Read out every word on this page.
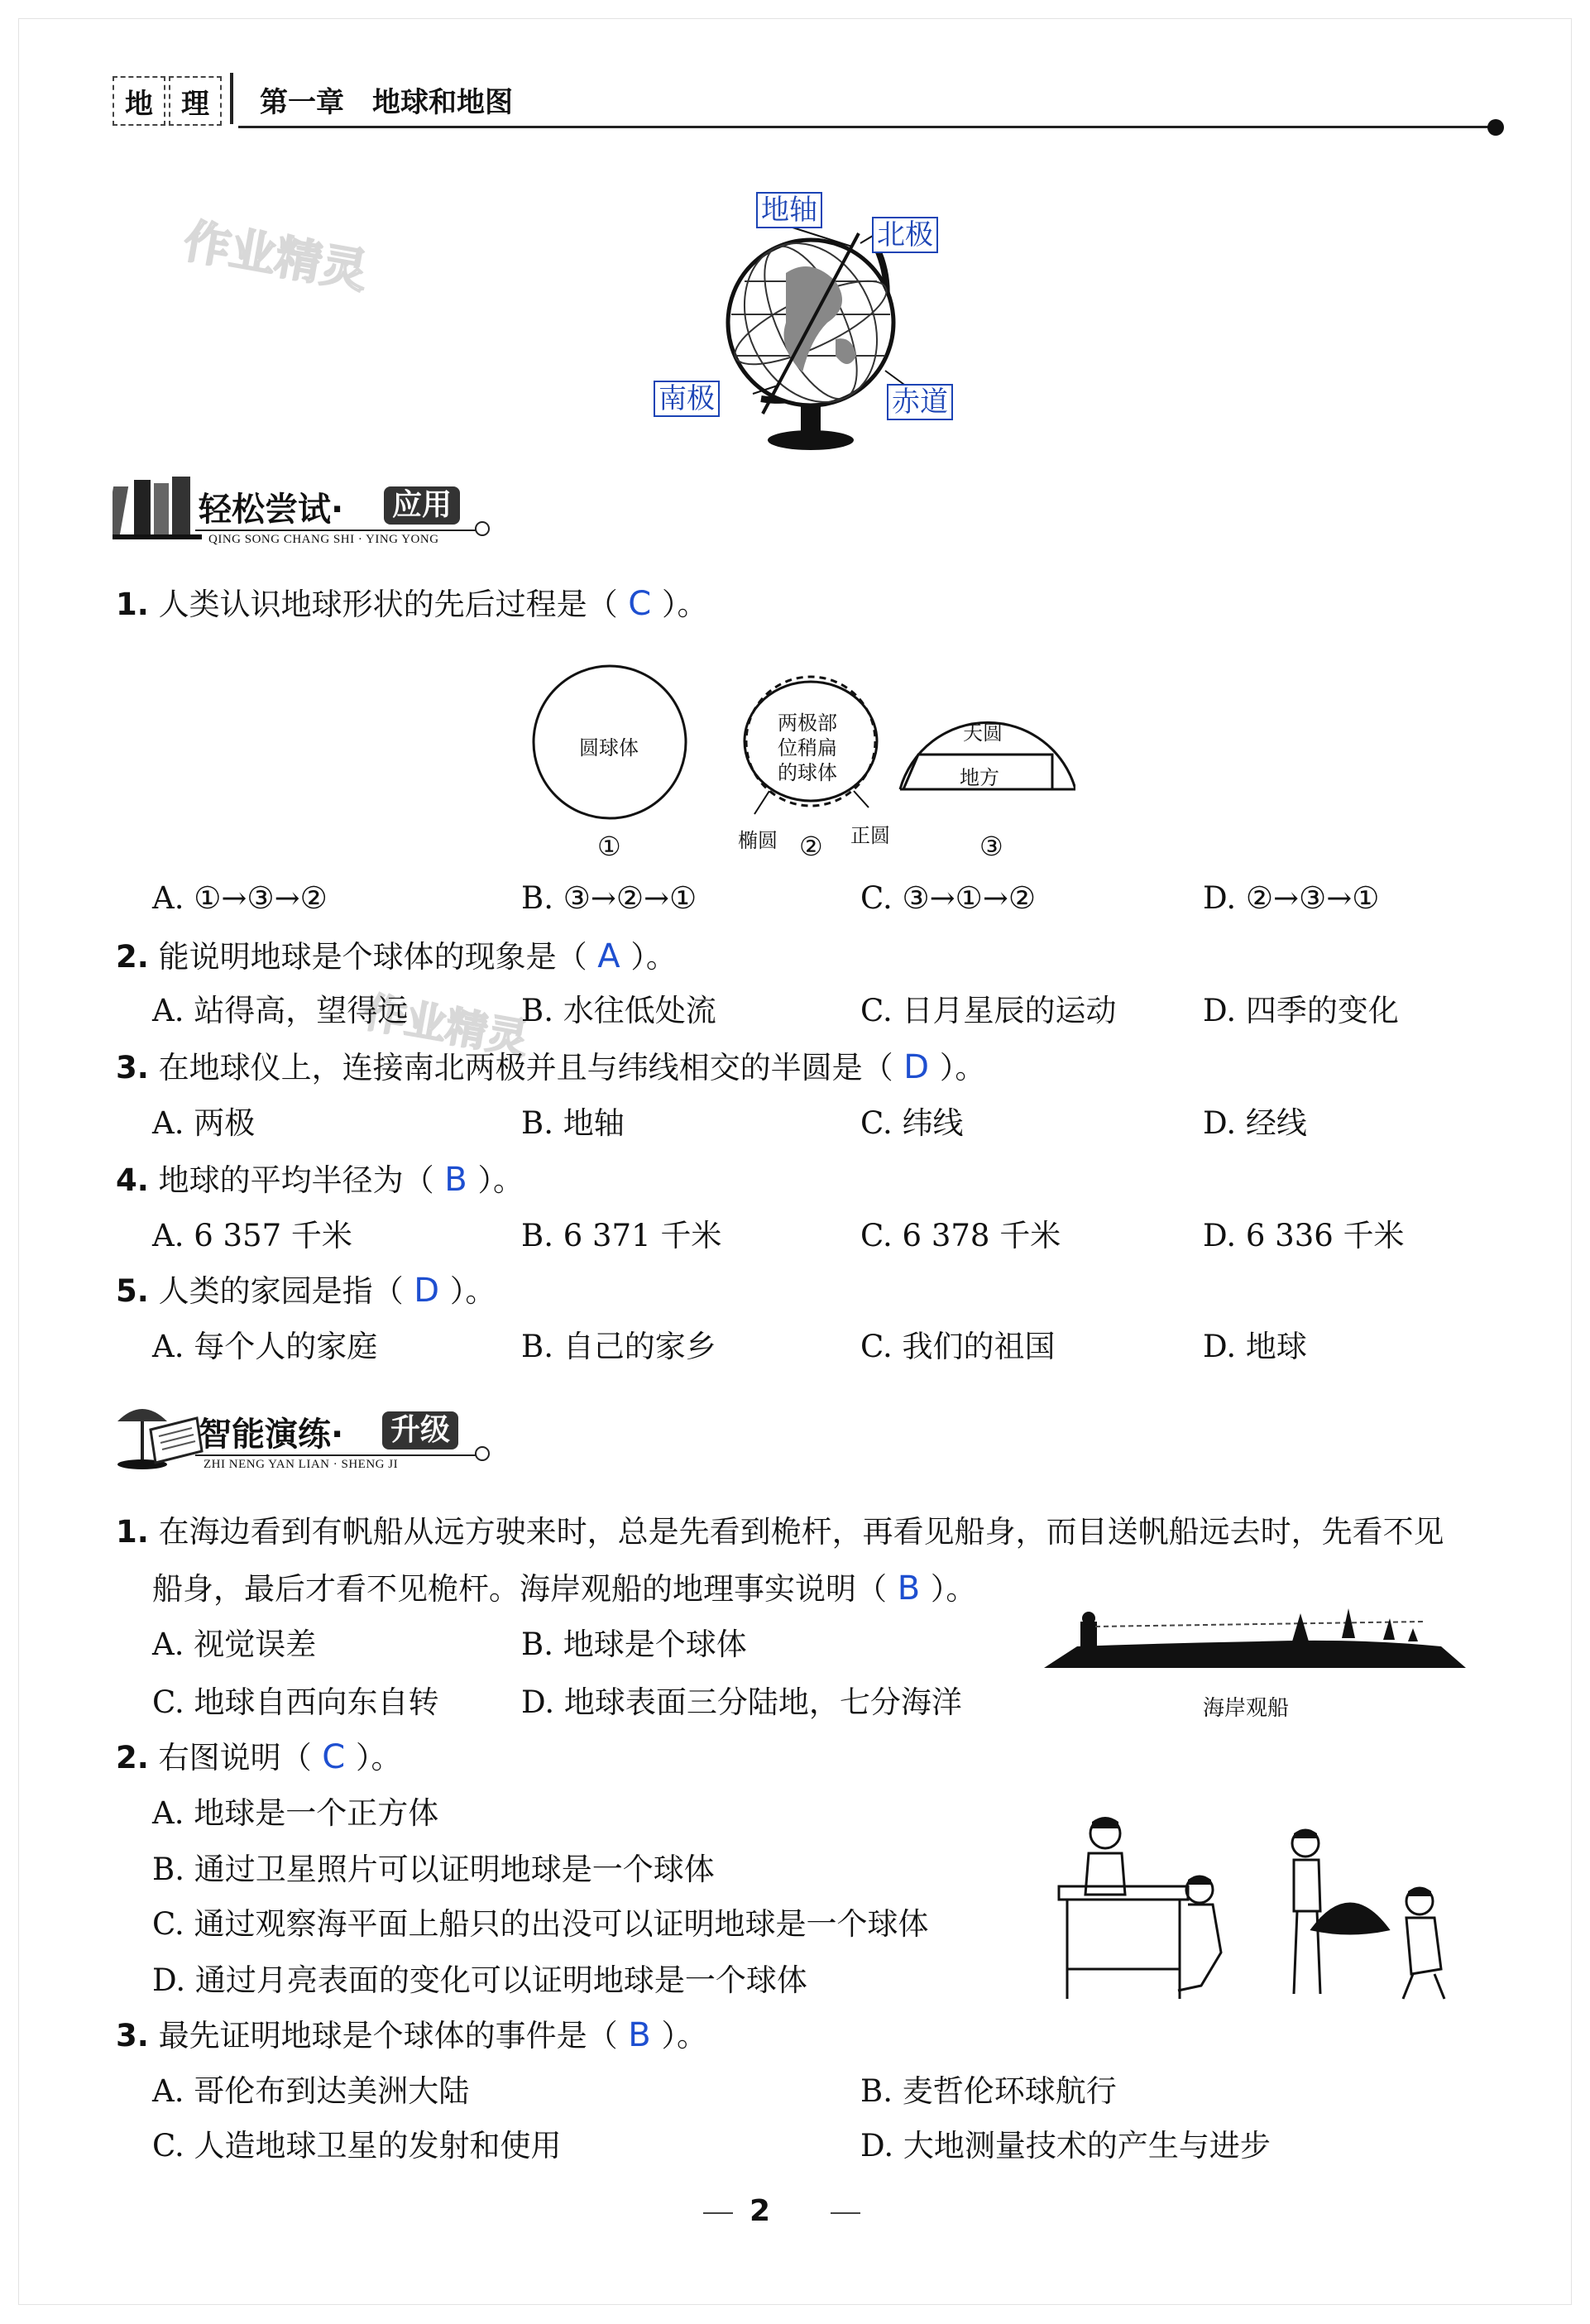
地 理 第一章　地球和地图
作业精灵
作业精灵
地轴
北极
南极	赤道
轻松尝试· 应用
QING SONG CHANG SHI · YING YONG
1. 人类认识地球形状的先后过程是（ C ）。
圆球体
两极部
位稍扁
的球体
椭圆	正圆
天圆
地方
①	②	③
A. ①→③→②	B. ③→②→①	C. ③→①→②	D. ②→③→①
2. 能说明地球是个球体的现象是（ A ）。
A. 站得高，望得远	B. 水往低处流	C. 日月星辰的运动	D. 四季的变化
3. 在地球仪上，连接南北两极并且与纬线相交的半圆是（ D ）。
A. 两极	B. 地轴	C. 纬线	D. 经线
4. 地球的平均半径为（ B ）。
A. 6 357 千米	B. 6 371 千米	C. 6 378 千米	D. 6 336 千米
5. 人类的家园是指（ D ）。
A. 每个人的家庭	B. 自己的家乡	C. 我们的祖国	D. 地球
智能演练· 升级
ZHI NENG YAN LIAN · SHENG JI
1. 在海边看到有帆船从远方驶来时，总是先看到桅杆，再看见船身，而目送帆船远去时，先看不见
船身，最后才看不见桅杆。海岸观船的地理事实说明（ B ）。
A. 视觉误差	B. 地球是个球体
C. 地球自西向东自转	D. 地球表面三分陆地，七分海洋	海岸观船
2. 右图说明（ C ）。
A. 地球是一个正方体
B. 通过卫星照片可以证明地球是一个球体
C. 通过观察海平面上船只的出没可以证明地球是一个球体
D. 通过月亮表面的变化可以证明地球是一个球体
3. 最先证明地球是个球体的事件是（ B ）。
A. 哥伦布到达美洲大陆	B. 麦哲伦环球航行
C. 人造地球卫星的发射和使用	D. 大地测量技术的产生与进步
2
